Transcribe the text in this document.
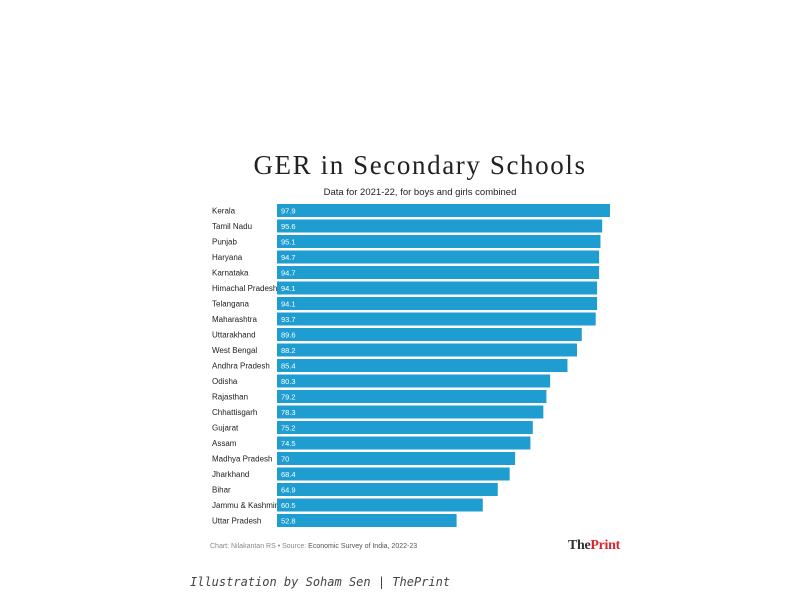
GER in Secondary Schools
Data for 2021-22, for boys and girls combined
Kerala	97.9
Tamil Nadu	95.6
Punjab	95.1
Haryana	94.7
Karnataka	94.7
Himachal Pradesh 94.1
Telangana	94.1
Maharashtra	93.7
Uttarakhand	89.6
West Bengal	88.2
Andhra Pradesh 85.4
Odisha	80.3
Rajasthan	79.2
Chhattisgarh	78.3
Gujarat	75.2
Assam	74.5
Madhya Pradesh 70
Jharkhand	68.4
Bihar	64.9
Jammu & Kashmir 60.5
Uttar Pradesh	52.8
Chart: Nilakantan RS • Source: Economic Survey of India, 2022-23	ThePrint
Illustration by Soham Sen | ThePrint
